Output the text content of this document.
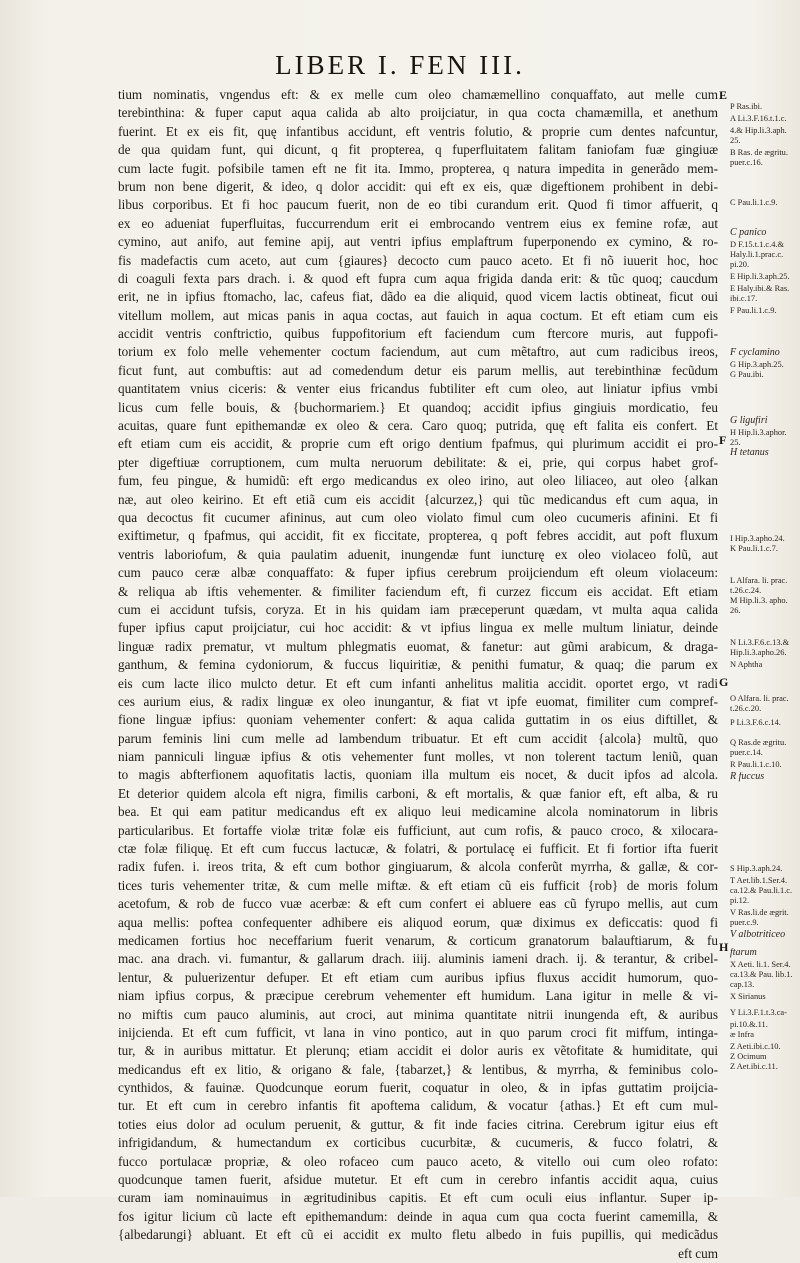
LIBER I. FEN III.
tium nominatis, vngendus eft: & ex melle cum oleo chamæmellino conquaffato, aut melle cum
terebinthina: & fuper caput aqua calida ab alto proijciatur, in qua cocta chamæmilla, et anethum
fuerint. Et ex eis fit, quę infantibus accidunt, eft ventris folutio, & proprie cum dentes nafcuntur,
de qua quidam funt, qui dicunt, q fit propterea, q fuperfluitatem falitam faniofam fuæ gingiuæ
cum lacte fugit. pofsibile tamen eft ne fit ita. Immo, propterea, q natura impedita in generãdo mem-
brum non bene digerit, & ideo, q dolor accidit: qui eft ex eis, quæ digeftionem prohibent in debi-
libus corporibus. Et fi hoc paucum fuerit, non de eo tibi curandum erit. Quod fi timor affuerit, q
ex eo adueniat fuperfluitas, fuccurrendum erit ei embrocando ventrem eius ex femine rofæ, aut
cymino, aut anifo, aut femine apij, aut ventri ipfius emplaftrum fuperponendo ex cymino, & ro-
fis madefactis cum aceto, aut cum {giaures} decocto cum pauco aceto. Et fi nõ iuuerit hoc, hoc
di coaguli fexta pars drach. i. & quod eft fupra cum aqua frigida danda erit: & tũc quoq; caucdum
erit, ne in ipfius ftomacho, lac, cafeus fiat, dãdo ea die aliquid, quod vicem lactis obtineat, ficut oui
vitellum mollem, aut micas panis in aqua coctas, aut fauich in aqua coctum. Et eft etiam cum eis
accidit ventris conftrictio, quibus fuppofitorium eft faciendum cum ftercore muris, aut fuppofi-
torium ex folo melle vehementer coctum faciendum, aut cum mẽtaftro, aut cum radicibus ireos,
ficut funt, aut combuftis: aut ad comedendum detur eis parum mellis, aut terebinthinæ fecũdum
quantitatem vnius ciceris: & venter eius fricandus fubtiliter eft cum oleo, aut liniatur ipfius vmbi
licus cum felle bouis, & {buchormariem.} Et quandoq; accidit ipfius gingiuis mordicatio, feu
acuitas, quare funt epithemandæ ex oleo & cera. Caro quoq; putrida, quę eft falita eis confert. Et
eft etiam cum eis accidit, & proprie cum eft origo dentium fpafmus, qui plurimum accidit ei pro-
pter digeftiuæ corruptionem, cum multa neruorum debilitate: & ei, prie, qui corpus habet grof-
fum, feu pingue, & humidũ: eft ergo medicandus ex oleo irino, aut oleo liliaceo, aut oleo {alkan
næ, aut oleo keirino. Et eft etiã cum eis accidit {alcurzez,} qui tũc medicandus eft cum aqua, in
qua decoctus fit cucumer afininus, aut cum oleo violato fimul cum oleo cucumeris afinini. Et fi
exiftimetur, q fpafmus, qui accidit, fit ex ficcitate, propterea, q poft febres accidit, aut poft fluxum
ventris laboriofum, & quia paulatim aduenit, inungendæ funt iuncturę ex oleo violaceo folũ, aut
cum pauco ceræ albæ conquaffato: & fuper ipfius cerebrum proijciendum eft oleum violaceum:
& reliqua ab iftis vehementer. & fimiliter faciendum eft, fi curzez ficcum eis accidat. Eft etiam
cum ei accidunt tufsis, coryza. Et in his quidam iam præceperunt quædam, vt multa aqua calida
fuper ipfius caput proijciatur, cui hoc accidit: & vt ipfius lingua ex melle multum liniatur, deinde
linguæ radix prematur, vt multum phlegmatis euomat, & fanetur: aut gũmi arabicum, & draga-
ganthum, & femina cydoniorum, & fuccus liquiritiæ, & penithi fumatur, & quaq; die parum ex
eis cum lacte ilico mulcto detur. Et eft cum infanti anhelitus malitia accidit. oportet ergo, vt radi
ces aurium eius, & radix linguæ ex oleo inungantur, & fiat vt ipfe euomat, fimiliter cum compref-
fione linguæ ipfius: quoniam vehementer confert: & aqua calida guttatim in os eius diftillet, &
parum feminis lini cum melle ad lambendum tribuatur. Et eft cum accidit {alcola} multũ, quo
niam panniculi linguæ ipfius & otis vehementer funt molles, vt non tolerent tactum leniũ, quan
to magis abfterfionem aquofitatis lactis, quoniam illa multum eis nocet, & ducit ipfos ad alcola.
Et deterior quidem alcola eft nigra, fimilis carboni, & eft mortalis, & quæ fanior eft, eft alba, & ru
bea. Et qui eam patitur medicandus eft ex aliquo leui medicamine alcola nominatorum in libris
particularibus. Et fortaffe violæ tritæ folæ eis fufficiunt, aut cum rofis, & pauco croco, & xilocara-
ctæ folæ filiquę. Et eft cum fuccus lactucæ, & folatri, & portulacę ei fufficit. Et fi fortior ifta fuerit
radix fufen. i. ireos trita, & eft cum bothor gingiuarum, & alcola conferũt myrrha, & gallæ, & cor-
tices turis vehementer tritæ, & cum melle miftæ. & eft etiam cũ eis fufficit {rob} de moris folum
acetofum, & rob de fucco vuæ acerbæ: & eft cum confert ei abluere eas cũ fyrupo mellis, aut cum
aqua mellis: poftea confequenter adhibere eis aliquod eorum, quæ diximus ex deficcatis: quod fi
medicamen fortius hoc neceffarium fuerit venarum, & corticum granatorum balauftiarum, & fu
mac. ana drach. vi. fumantur, & gallarum drach. iiij. aluminis iameni drach. ij. & terantur, & cribel-
lentur, & puluerizentur defuper. Et eft etiam cum auribus ipfius fluxus accidit humorum, quo-
niam ipfius corpus, & præcipue cerebrum vehementer eft humidum. Lana igitur in melle & vi-
no miftis cum pauco aluminis, aut croci, aut minima quantitate nitrii inungenda eft, & auribus
inijcienda. Et eft cum fufficit, vt lana in vino pontico, aut in quo parum croci fit miffum, intinga-
tur, & in auribus mittatur. Et plerunq; etiam accidit ei dolor auris ex vẽtofitate & humiditate, qui
medicandus eft ex litio, & origano & fale, {tabarzet,} & lentibus, & myrrha, & feminibus colo-
cynthidos, & fauinæ. Quodcunque eorum fuerit, coquatur in oleo, & in ipfas guttatim proijcia-
tur. Et eft cum in cerebro infantis fit apoftema calidum, & vocatur {athas.} Et eft cum mul-
toties eius dolor ad oculum peruenit, & guttur, & fit inde facies citrina. Cerebrum igitur eius eft
infrigidandum, & humectandum ex corticibus cucurbitæ, & cucumeris, & fucco folatri, &
fucco portulacæ propriæ, & oleo rofaceo cum pauco aceto, & vitello oui cum oleo rofato:
quodcunque tamen fuerit, afsidue mutetur. Et eft cum in cerebro infantis accidit aqua, cuius
curam iam nominauimus in ægritudinibus capitis. Et eft cum oculi eius inflantur. Super ip-
fos igitur licium cũ lacte eft epithemandum: deinde in aqua cum qua cocta fuerint camemilla, &
{albedarungi} abluant. Et eft cũ ei accidit ex multo fletu albedo in fuis pupillis, qui medicãdus
eft cum
P Ras.ibi.
A Li.3.F.16.t.1.c.
4.& Hip.li.3.aph.
25.
B Ras. de ægritu.
puer.c.16.
C Pau.li.1.c.9.
C panico
D F.15.t.1.c.4.&
Haly.li.1.prac.c.
pi.20.
E Hip.li.3.aph.25.
E Haly.ibi.& Ras.
ibi.c.17.
F Pau.li.1.c.9.
F cyclamino
G Hip.3.aph.25.
G Pau.ibi.
G ligufiri
H Hip.li.3.aphor.
25.
H tetanus
I Hip.3.apho.24.
K Pau.li.1.c.7.
L Alfara. li. prac.
t.26.c.24.
M Hip.li.3. apho.
26.
N Li.3.F.6.c.13.&
Hip.li.3.apho.26.
N Aphtha
O Alfara. li. prac.
t.26.c.20.
P Li.3.F.6.c.14.
Q Ras.de ægritu.
puer.c.14.
R Pau.li.1.c.10.
R fuccus
S Hip.3.aph.24.
T Aet.lib.1.Ser.4.
ca.12.& Pau.li.1.c.
pi.12.
V Ras.li.de ægrit.
puer.c.9.
V albotriticeo
ftarum
X Aeti. li.1. Ser.4.
ca.13.& Pau. lib.1.
cap.13.
X Sirianus
Y Li.3.F.1.t.3.ca-
pi.10.&.11.
æ Infra
Z Aeti.ibi.c.10.
Z Ocimum
Z Aet.ibi.c.11.
E
F
G
H
